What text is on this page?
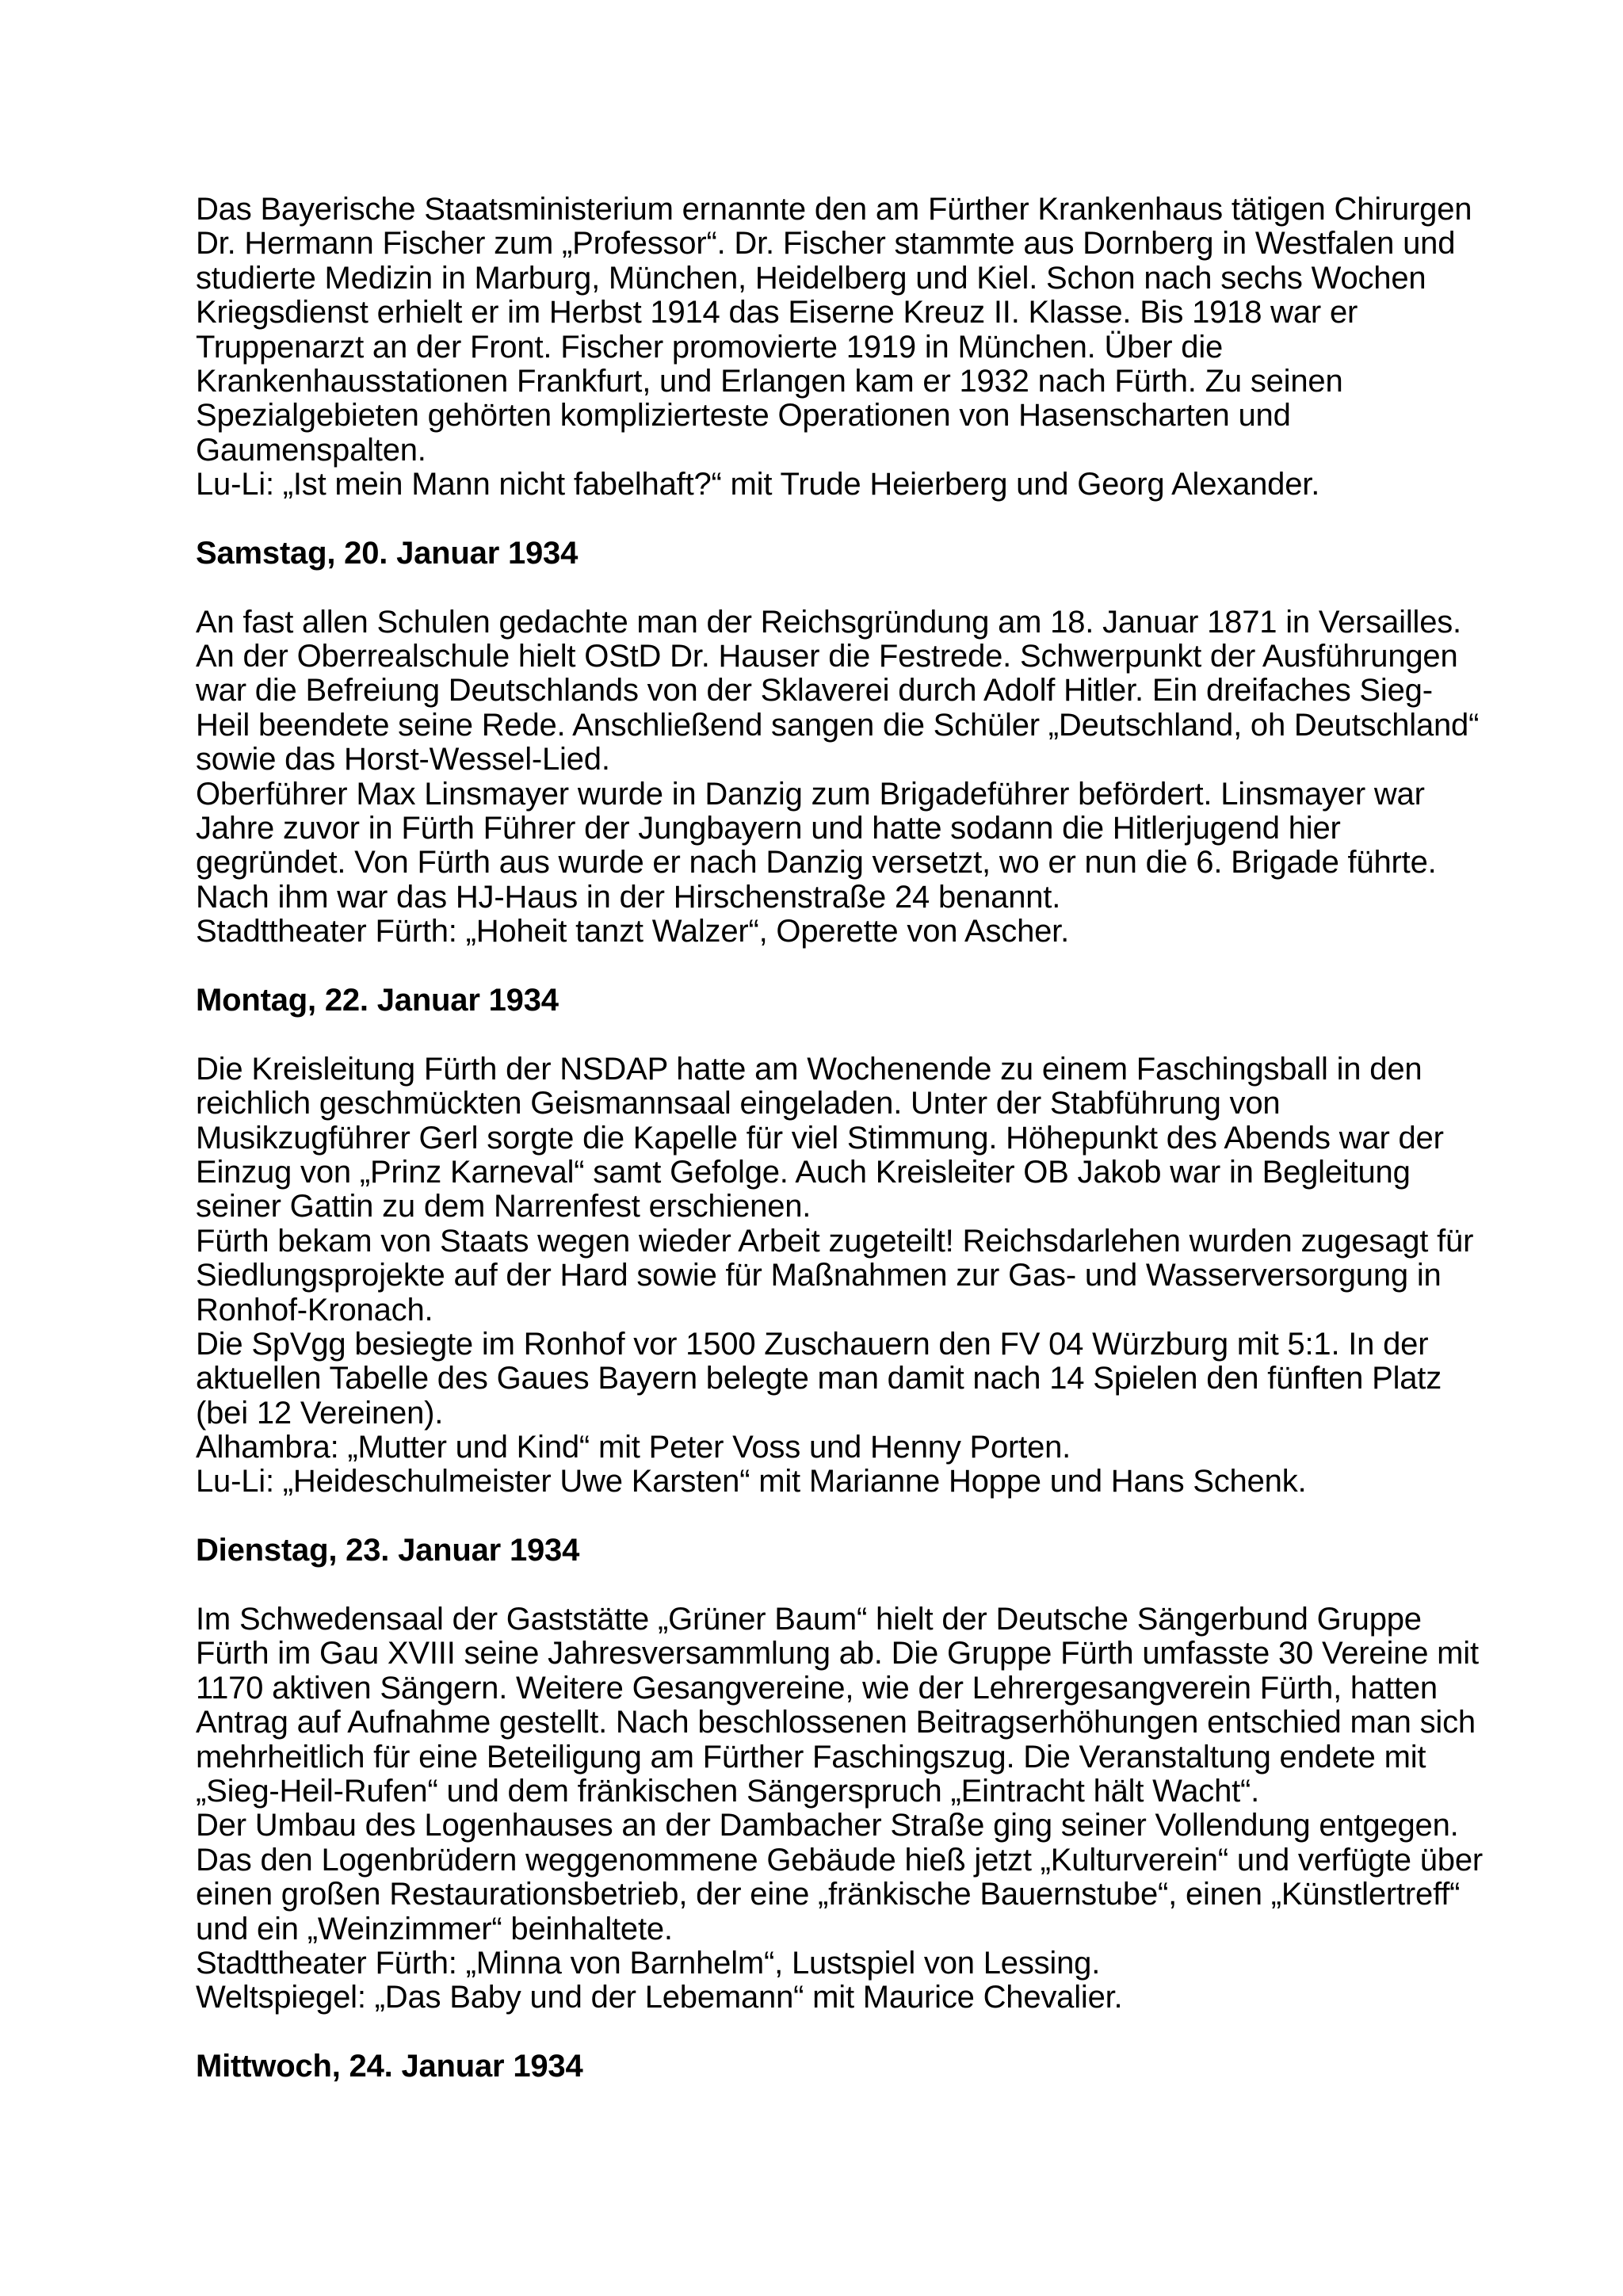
Das Bayerische Staatsministerium ernannte den am Fürther Krankenhaus tätigen Chirurgen
Dr. Hermann Fischer zum „Professor“. Dr. Fischer stammte aus Dornberg in Westfalen und
studierte Medizin in Marburg, München, Heidelberg und Kiel. Schon nach sechs Wochen
Kriegsdienst erhielt er im Herbst 1914 das Eiserne Kreuz II. Klasse. Bis 1918 war er
Truppenarzt an der Front. Fischer promovierte 1919 in München. Über die
Krankenhausstationen Frankfurt, und Erlangen kam er 1932 nach Fürth. Zu seinen
Spezialgebieten gehörten komplizierteste Operationen von Hasenscharten und
Gaumenspalten.
Lu-Li: „Ist mein Mann nicht fabelhaft?“ mit Trude Heierberg und Georg Alexander.
Samstag, 20. Januar 1934
An fast allen Schulen gedachte man der Reichsgründung am 18. Januar 1871 in Versailles.
An der Oberrealschule hielt OStD Dr. Hauser die Festrede. Schwerpunkt der Ausführungen
war die Befreiung Deutschlands von der Sklaverei durch Adolf Hitler. Ein dreifaches Sieg-
Heil beendete seine Rede. Anschließend sangen die Schüler „Deutschland, oh Deutschland“
sowie das Horst-Wessel-Lied.
Oberführer Max Linsmayer wurde in Danzig zum Brigadeführer befördert. Linsmayer war
Jahre zuvor in Fürth Führer der Jungbayern und hatte sodann die Hitlerjugend hier
gegründet. Von Fürth aus wurde er nach Danzig versetzt, wo er nun die 6. Brigade führte.
Nach ihm war das HJ-Haus in der Hirschenstraße 24 benannt.
Stadttheater Fürth: „Hoheit tanzt Walzer“, Operette von Ascher.
Montag, 22. Januar 1934
Die Kreisleitung Fürth der NSDAP hatte am Wochenende zu einem Faschingsball in den
reichlich geschmückten Geismannsaal eingeladen. Unter der Stabführung von
Musikzugführer Gerl sorgte die Kapelle für viel Stimmung. Höhepunkt des Abends war der
Einzug von „Prinz Karneval“ samt Gefolge. Auch Kreisleiter OB Jakob war in Begleitung
seiner Gattin zu dem Narrenfest erschienen.
Fürth bekam von Staats wegen wieder Arbeit zugeteilt! Reichsdarlehen wurden zugesagt für
Siedlungsprojekte auf der Hard sowie für Maßnahmen zur Gas- und Wasserversorgung in
Ronhof-Kronach.
Die SpVgg besiegte im Ronhof vor 1500 Zuschauern den FV 04 Würzburg mit 5:1. In der
aktuellen Tabelle des Gaues Bayern belegte man damit nach 14 Spielen den fünften Platz
(bei 12 Vereinen).
Alhambra: „Mutter und Kind“ mit Peter Voss und Henny Porten.
Lu-Li: „Heideschulmeister Uwe Karsten“ mit Marianne Hoppe und Hans Schenk.
Dienstag, 23. Januar 1934
Im Schwedensaal der Gaststätte „Grüner Baum“ hielt der Deutsche Sängerbund Gruppe
Fürth im Gau XVIII seine Jahresversammlung ab. Die Gruppe Fürth umfasste 30 Vereine mit
1170 aktiven Sängern. Weitere Gesangvereine, wie der Lehrergesangverein Fürth, hatten
Antrag auf Aufnahme gestellt. Nach beschlossenen Beitragserhöhungen entschied man sich
mehrheitlich für eine Beteiligung am Fürther Faschingszug. Die Veranstaltung endete mit
„Sieg-Heil-Rufen“ und dem fränkischen Sängerspruch „Eintracht hält Wacht“.
Der Umbau des Logenhauses an der Dambacher Straße ging seiner Vollendung entgegen.
Das den Logenbrüdern weggenommene Gebäude hieß jetzt „Kulturverein“ und verfügte über
einen großen Restaurationsbetrieb, der eine „fränkische Bauernstube“, einen „Künstlertreff“
und ein „Weinzimmer“ beinhaltete.
Stadttheater Fürth: „Minna von Barnhelm“, Lustspiel von Lessing.
Weltspiegel: „Das Baby und der Lebemann“ mit Maurice Chevalier.
Mittwoch, 24. Januar 1934
